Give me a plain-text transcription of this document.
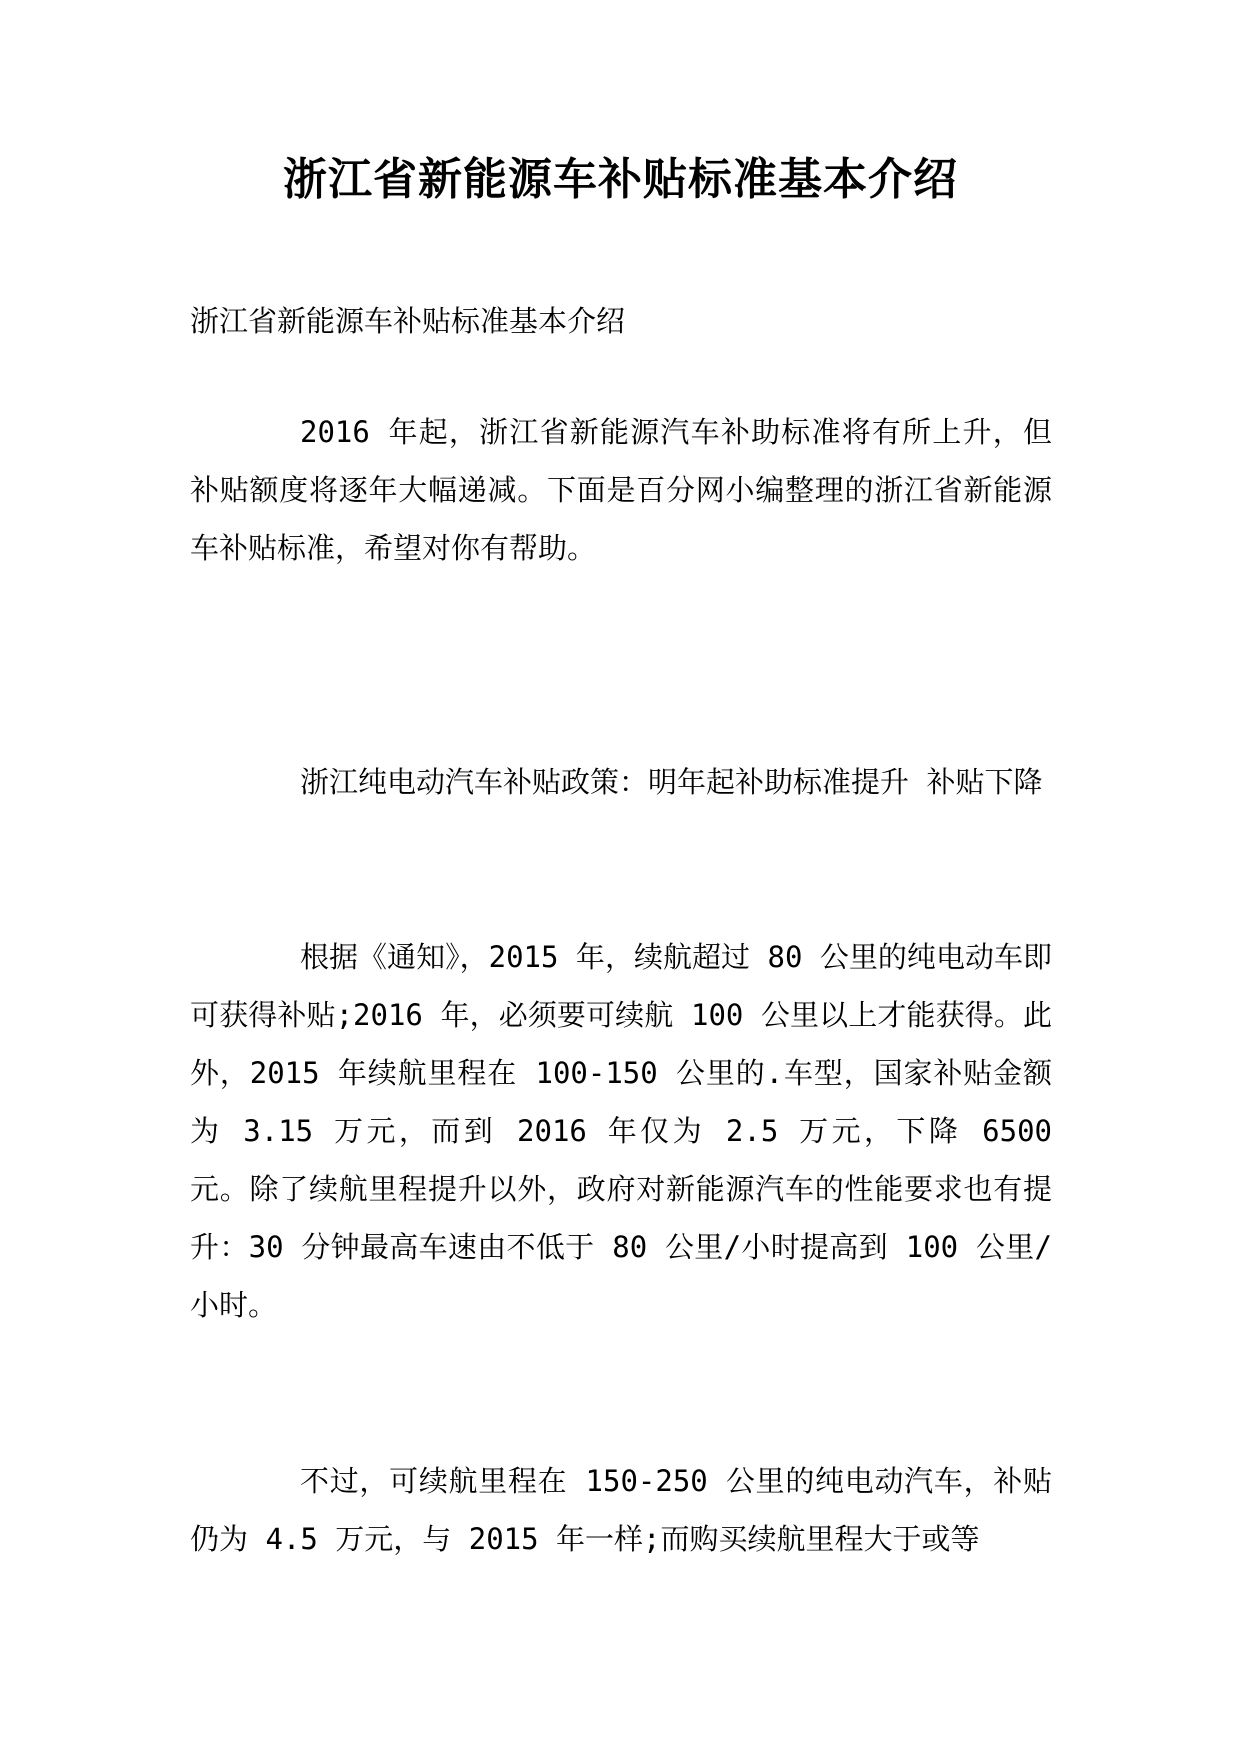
浙江省新能源车补贴标准基本介绍

浙江省新能源车补贴标准基本介绍

2016 年起，浙江省新能源汽车补助标准将有所上升，但补贴额度将逐年大幅递减。下面是百分网小编整理的浙江省新能源车补贴标准，希望对你有帮助。

浙江纯电动汽车补贴政策：明年起补助标准提升 补贴下降

根据《通知》，2015 年，续航超过 80 公里的纯电动车即可获得补贴;2016 年，必须要可续航 100 公里以上才能获得。此外，2015 年续航里程在 100-150 公里的.车型，国家补贴金额为 3.15 万元，而到 2016 年仅为 2.5 万元，下降 6500 元。除了续航里程提升以外，政府对新能源汽车的性能要求也有提升：30 分钟最高车速由不低于 80 公里/小时提高到 100 公里/小时。

不过，可续航里程在 150-250 公里的纯电动汽车，补贴仍为 4.5 万元，与 2015 年一样;而购买续航里程大于或等
